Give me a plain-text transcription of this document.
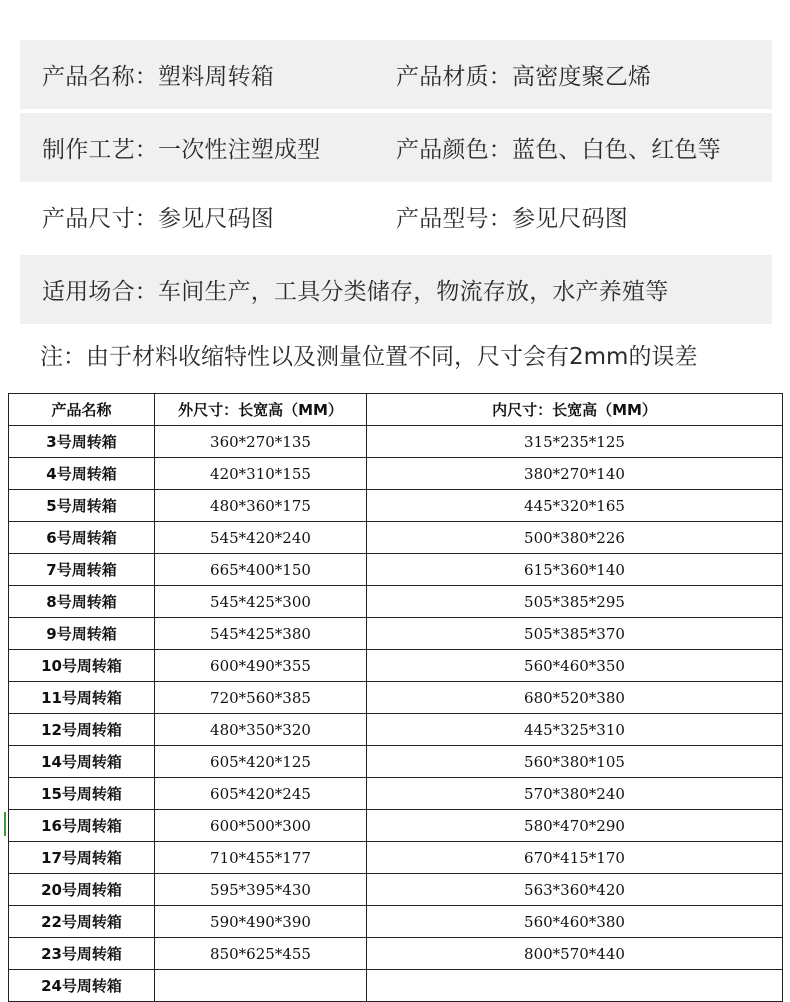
产品名称：塑料周转箱	产品材质：高密度聚乙烯
制作工艺：一次性注塑成型	产品颜色：蓝色、白色、红色等
产品尺寸：参见尺码图	产品型号：参见尺码图
适用场合：车间生产，工具分类储存，物流存放，水产养殖等
注：由于材料收缩特性以及测量位置不同，尺寸会有2mm的误差
产品名称	外尺寸：长宽高（MM）	内尺寸：长宽高（MM）
3号周转箱	360*270*135	315*235*125
4号周转箱	420*310*155	380*270*140
5号周转箱	480*360*175	445*320*165
6号周转箱	545*420*240	500*380*226
7号周转箱	665*400*150	615*360*140
8号周转箱	545*425*300	505*385*295
9号周转箱	545*425*380	505*385*370
10号周转箱	600*490*355	560*460*350
11号周转箱	720*560*385	680*520*380
12号周转箱	480*350*320	445*325*310
14号周转箱	605*420*125	560*380*105
15号周转箱	605*420*245	570*380*240
16号周转箱	600*500*300	580*470*290
17号周转箱	710*455*177	670*415*170
20号周转箱	595*395*430	563*360*420
22号周转箱	590*490*390	560*460*380
23号周转箱	850*625*455	800*570*440
24号周转箱		
